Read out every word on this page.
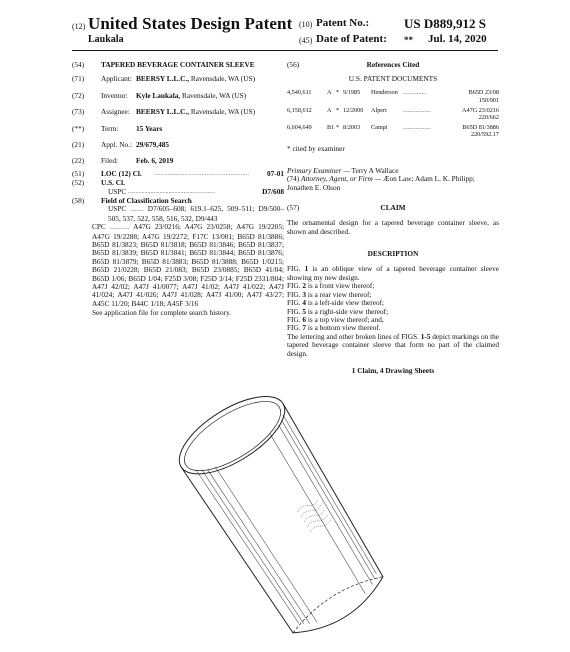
(12) United States Design Patent
Laukala
(10) Patent No.:	US D889,912 S
(45) Date of Patent: ** Jul. 14, 2020
(54)	TAPERED BEVERAGE CONTAINER SLEEVE
(71)	Applicant: BEERSY L.L.C., Ravensdale, WA (US)
(72)	Inventor: Kyle Laukala, Ravensdale, WA (US)
(73)	Assignee: BEERSY L.L.C., Ravensdale, WA (US)
(**)	Term: 15 Years
(21)	Appl. No.: 29/679,485
(22)	Filed: Feb. 6, 2019
(51)	LOC (12) Cl. ........................................................ 07-01
(52)	U.S. Cl.
USPC ..........................................................	D7/608
(58)	Field of Classification Search
USPC ......... D7/605–608; 619.1–625, 509–511; D9/500–505, 537, 522, 558, 516, 532, D9/443
CPC ............. A47G 23/0216; A47G 23/0258; A47G 19/2205; A47G 19/2288; A47G 19/2272; F17C 13/001; B65D 81/3886; B65D 81/3823; B65D 81/3818; B65D 81/3846; B65D 81/3837; B65D 81/3839; B65D 81/3841; B65D 81/3844; B65D 81/3876; B65D 81/3879; B65D 81/3883; B65D 81/3888; B65D 1/0215; B65D 21/0228; B65D 21/083; B65D 23/0885; B65D 41/04; B65D 1/06; B65D 1/04; F25D 3/08; F25D 3/14; F25D 2331/804; A47J 42/02; A47J 41/0077; A47J 41/02; A47J 41/022; A47J 41/024; A47J 41/026; A47J 41/028; A47J 41/00; A47J 43/27; A45C 11/20; B44C 1/18; A45F 3/16
See application file for complete search history.
(56)	References Cited
U.S. PATENT DOCUMENTS
4,540,611	A * 9/1985	Henderson ...............	B65D 23/08
150/901
6,158,612	A * 12/2000	Alpert	..................	A47G 23/0216
220/662
6,604,649	B1 * 8/2003	Campi	..................	B65D 81/3886
220/592.17
* cited by examiner
Primary Examiner — Terry A Wallace
(74) Attorney, Agent, or Firm — Æon Law; Adam L. K. Philipp; Jonathen E. Olson
(57)	CLAIM

The ornamental design for a tapered beverage container sleeve, as shown and described.

DESCRIPTION

FIG. 1 is an oblique view of a tapered beverage container sleeve showing my new design.

FIG. 2 is a front view thereof;

FIG. 3 is a rear view thereof;

FIG. 4 is a left-side view thereof;

FIG. 5 is a right-side view thereof;

FIG. 6 is a top view thereof; and,

FIG. 7 is a bottom view thereof.

The lettering and other broken lines of FIGS. 1-5 depict markings on the tapered beverage container sleeve that form no part of the claimed design.

1 Claim, 4 Drawing Sheets
